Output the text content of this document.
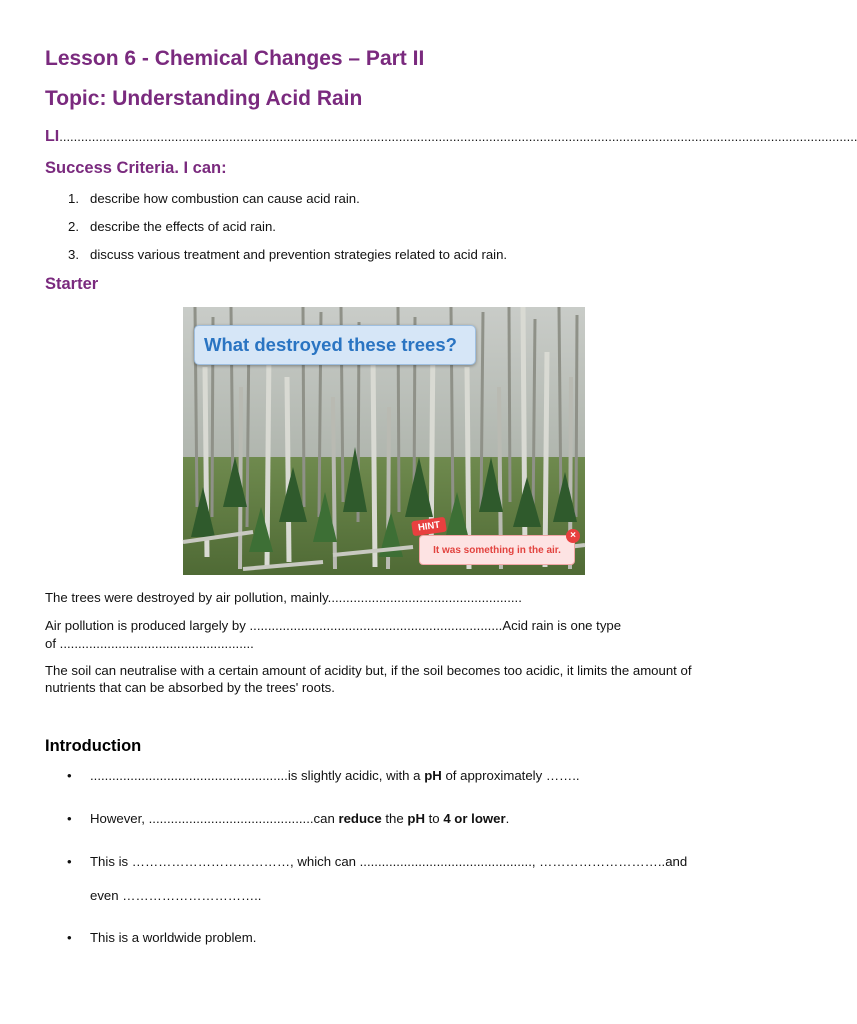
Lesson 6 - Chemical Changes – Part II
Topic: Understanding Acid Rain
LI.............................................................................................................................................................................................................................
Success Criteria. I can:
1. describe how combustion can cause acid rain.
2. describe the effects of acid rain.
3. discuss various treatment and prevention strategies related to acid rain.
Starter
What destroyed these trees?
It was something in the air.
HINT
×
The trees were destroyed by air pollution, mainly.....................................................
Air pollution is produced largely by .....................................................................Acid rain is one type
of .....................................................
The soil can neutralise with a certain amount of acidity but, if the soil becomes too acidic, it limits the amount of nutrients that can be absorbed by the trees' roots.
Introduction
• ......................................................is slightly acidic, with a pH of approximately ……..
• However, .............................................can reduce the pH to 4 or lower.
• This is ………………………………, which can ..............................................., ………………………..and
even …………………………..
• This is a worldwide problem.
